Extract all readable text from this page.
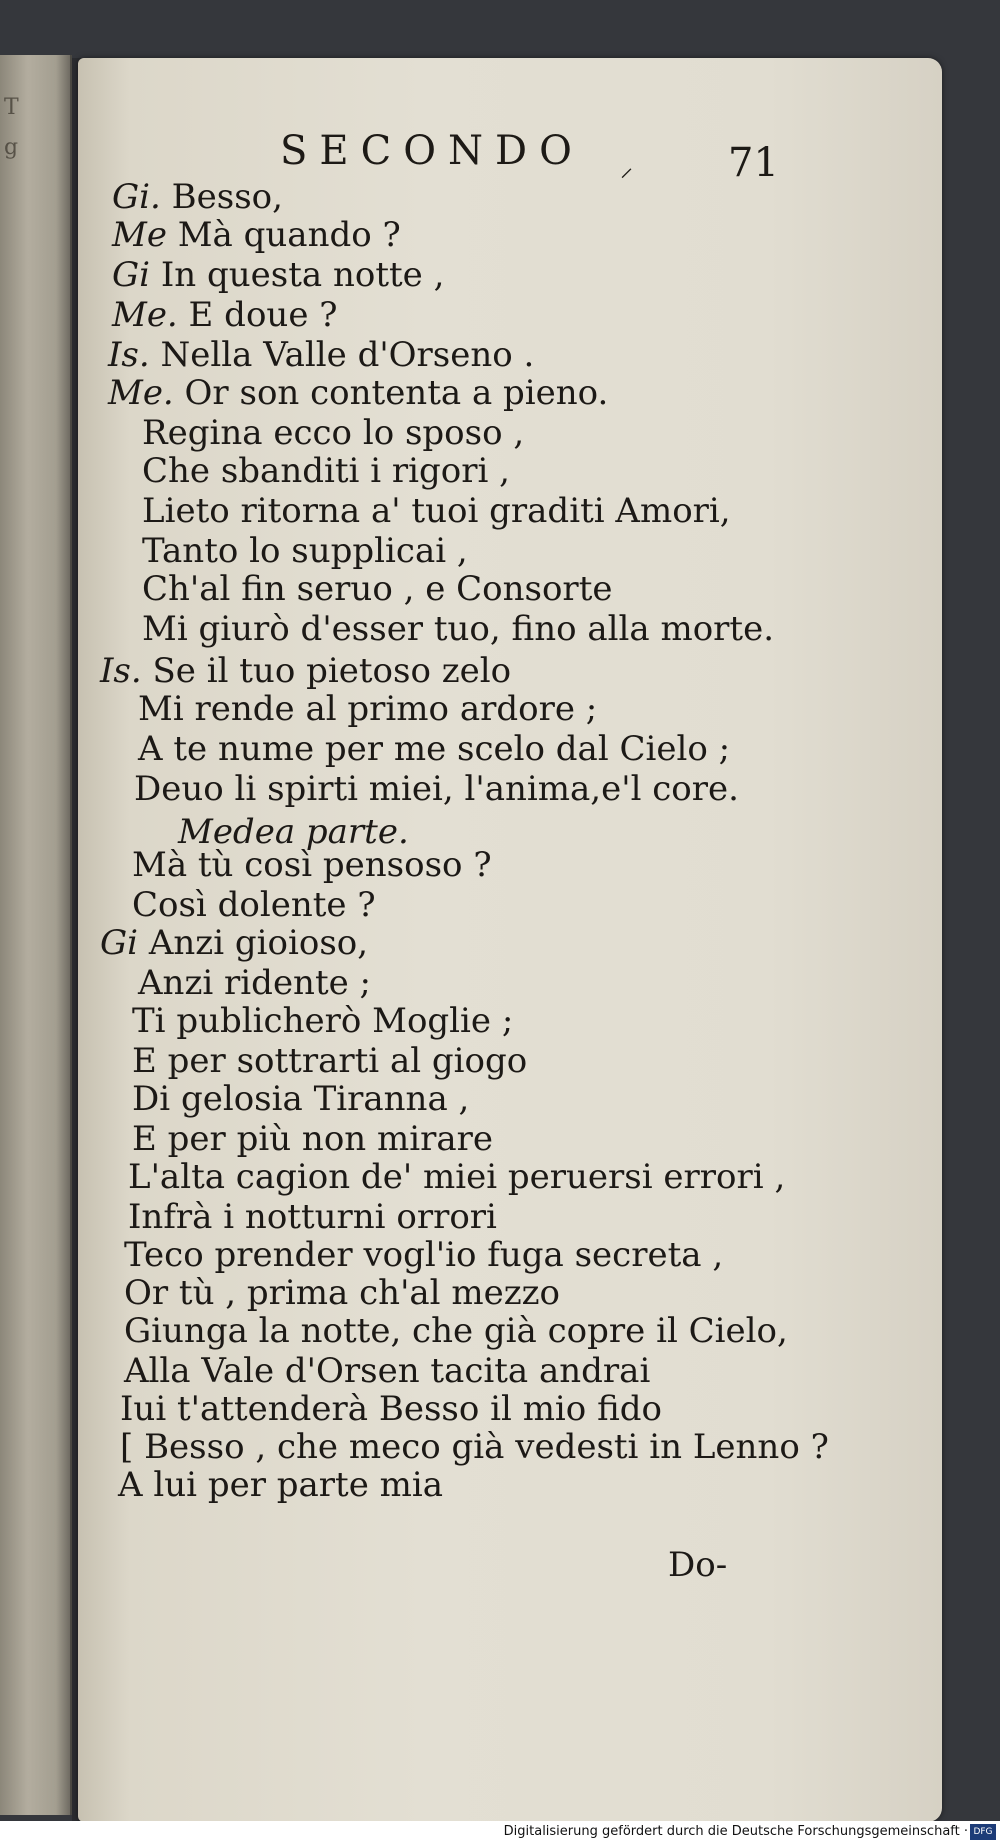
T
g	SECONDO ⸝ 71
Gi. Besso,
Me Mà quando ?
Gi In questa notte ,
Me. E doue ?
Is. Nella Valle d'Orseno .
Me. Or son contenta a pieno.
Regina ecco lo sposo ,
Che sbanditi i rigori ,
Lieto ritorna a' tuoi graditi Amori,
Tanto lo supplicai ,
Ch'al fin seruo , e Consorte
Mi giurò d'esser tuo, fino alla morte.
Is. Se il tuo pietoso zelo
Mi rende al primo ardore ;
A te nume per me scelo dal Cielo ;
Deuo li spirti miei, l'anima,e'l core.
Mà tù così pensoso ?
Così dolente ?
Gi Anzi gioioso,
Anzi ridente ;
Ti publicherò Moglie ;
E per sottrarti al giogo
Di gelosia Tiranna ,
E per più non mirare
L'alta cagion de' miei peruersi errori ,
Infrà i notturni orrori
Teco prender vogl'io fuga secreta ,
Or tù , prima ch'al mezzo
Giunga la notte, che già copre il Cielo,
Alla Vale d'Orsen tacita andrai
Iui t'attenderà Besso il mio fido
[ Besso , che meco già vedesti in Lenno ?
A lui per parte mia
Medea parte.
Do-
Digitalisierung gefördert durch die Deutsche Forschungsgemeinschaft · DFG
